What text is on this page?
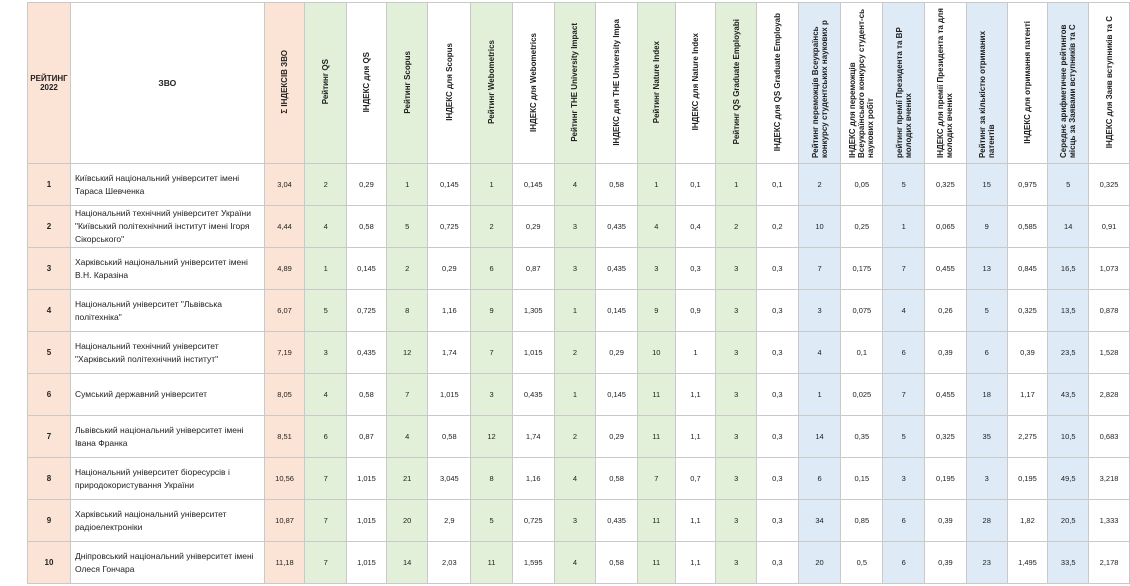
РЕЙТИНГ 2022	ЗВО	Σ ІНДЕКСІВ ЗВО	Рейтинг QS	ІНДЕКС для QS	Рейтинг Scopus	ІНДЕКС для Scopus	Рейтинг Webometrics	ІНДЕКС для Webometrics	Рейтинг THE University Impact	ІНДЕКС для THE University Impa	Рейтинг Nature Index	ІНДЕКС для Nature Index	Рейтинг QS Graduate Employabi	ІНДЕКС для QS Graduate Employab	Рейтинг переможців Всеукраїнсь конкурсу студентських наукових р	ІНДЕКС для переможців Всеукраїнського конкурсу студент-сь наукових робіт	рейтинг премії Президента та ВР молодих вчених	ІНДЕКС для премії Президента та для молодих вчених	Рейтинг за кількістю отриманих патентів	ІНДЕКС для отримання патенті	Середнє арифметичне рейтингов місць за Заявами вступників та С	ІНДЕКС для Заяв вступників та С
1	Київський національний університет імені Тараса Шевченка	3,04	2	0,29	1	0,145	1	0,145	4	0,58	1	0,1	1	0,1	2	0,05	5	0,325	15	0,975	5	0,325
2	Національний технічний університет України "Київський політехнічний інститут імені Ігоря Сікорського"	4,44	4	0,58	5	0,725	2	0,29	3	0,435	4	0,4	2	0,2	10	0,25	1	0,065	9	0,585	14	0,91
3	Харківський національний університет імені В.Н. Каразіна	4,89	1	0,145	2	0,29	6	0,87	3	0,435	3	0,3	3	0,3	7	0,175	7	0,455	13	0,845	16,5	1,073
4	Національний університет "Львівська політехніка"	6,07	5	0,725	8	1,16	9	1,305	1	0,145	9	0,9	3	0,3	3	0,075	4	0,26	5	0,325	13,5	0,878
5	Національний технічний університет "Харківський політехнічний інститут"	7,19	3	0,435	12	1,74	7	1,015	2	0,29	10	1	3	0,3	4	0,1	6	0,39	6	0,39	23,5	1,528
6	Сумський державний університет	8,05	4	0,58	7	1,015	3	0,435	1	0,145	11	1,1	3	0,3	1	0,025	7	0,455	18	1,17	43,5	2,828
7	Львівський національний університет імені Івана Франка	8,51	6	0,87	4	0,58	12	1,74	2	0,29	11	1,1	3	0,3	14	0,35	5	0,325	35	2,275	10,5	0,683
8	Національний університет біоресурсів і природокористування України	10,56	7	1,015	21	3,045	8	1,16	4	0,58	7	0,7	3	0,3	6	0,15	3	0,195	3	0,195	49,5	3,218
9	Харківський національний університет радіоелектроніки	10,87	7	1,015	20	2,9	5	0,725	3	0,435	11	1,1	3	0,3	34	0,85	6	0,39	28	1,82	20,5	1,333
10	Дніпровський національний університет імені Олеся Гончара	11,18	7	1,015	14	2,03	11	1,595	4	0,58	11	1,1	3	0,3	20	0,5	6	0,39	23	1,495	33,5	2,178
